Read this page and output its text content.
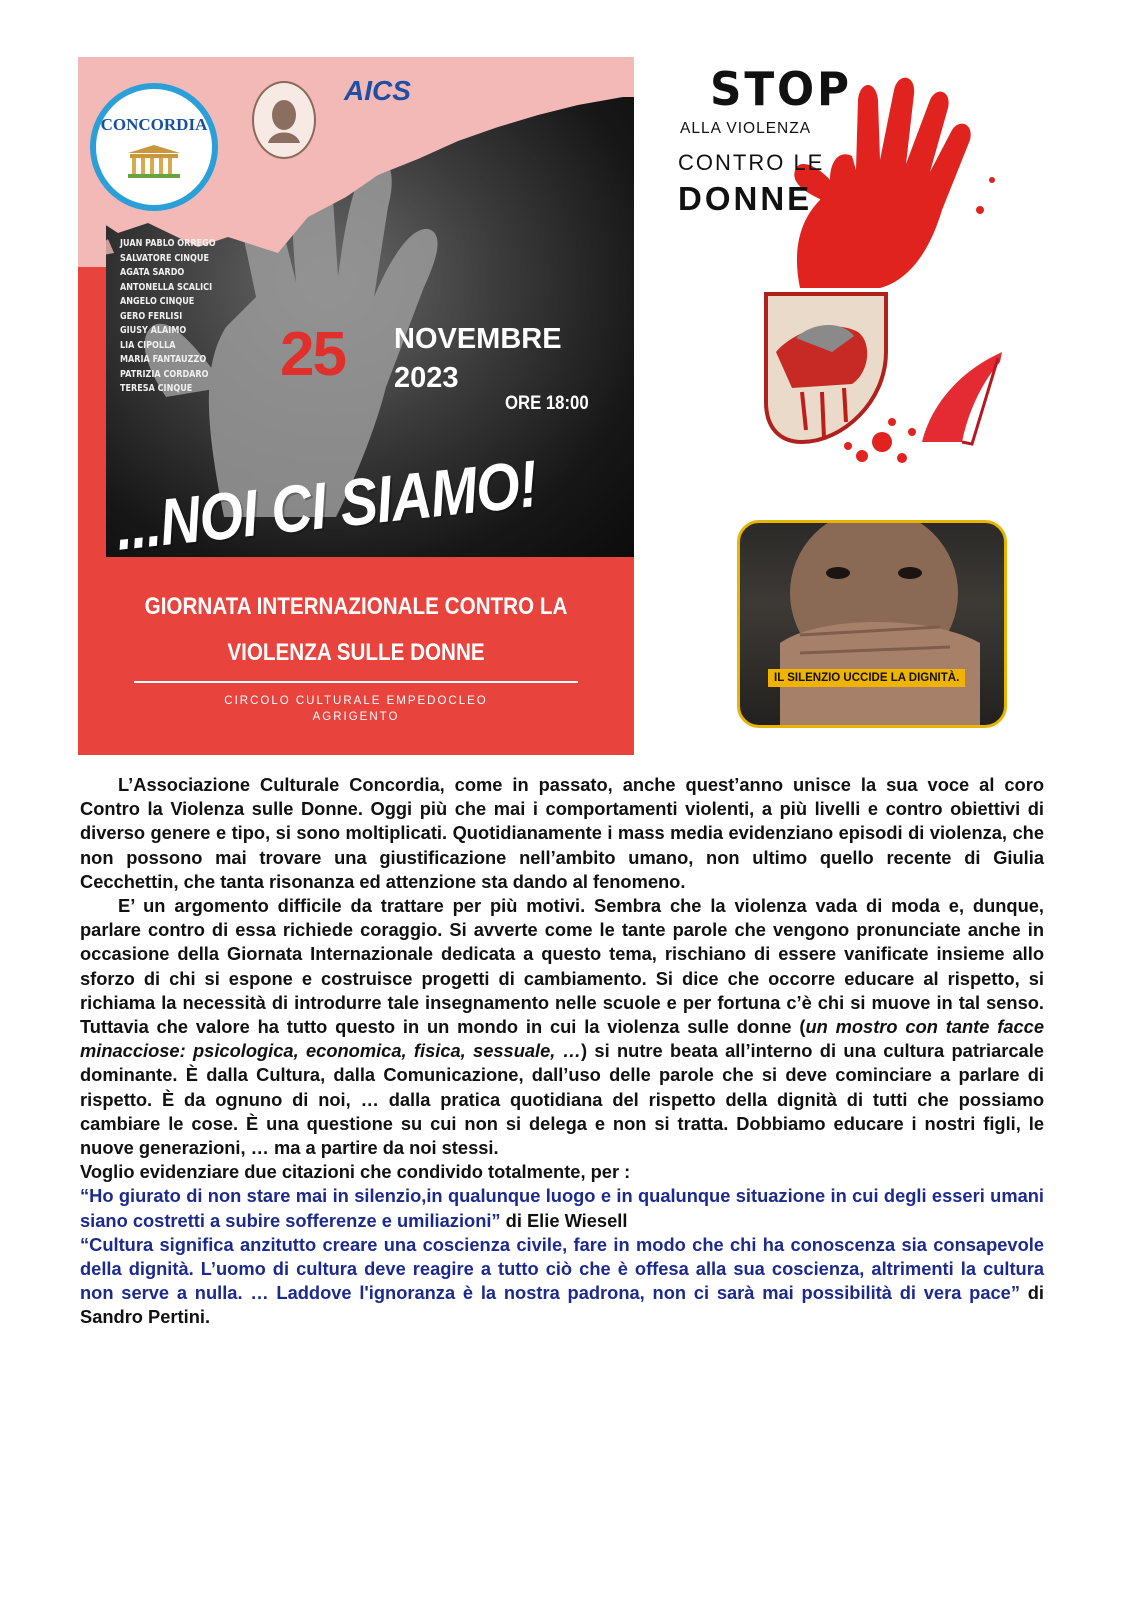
CONCORDIA
AICS
JUAN PABLO ORREGO
SALVATORE CINQUE
AGATA SARDO
ANTONELLA SCALICI
ANGELO CINQUE
GERO FERLISI
GIUSY ALAIMO
LIA CIPOLLA
MARIA FANTAUZZO
PATRIZIA CORDARO
TERESA CINQUE	25 NOVEMBRE
2023
ORE 18:00
...NOI CI SIAMO!
GIORNATA INTERNAZIONALE CONTRO LA
VIOLENZA SULLE DONNE
CIRCOLO CULTURALE EMPEDOCLEO
AGRIGENTO
STOP
ALLA VIOLENZA
CONTRO LE
DONNE
IL SILENZIO UCCIDE LA DIGNITÀ.

L’Associazione Culturale Concordia, come in passato, anche quest’anno unisce la sua voce al coro Contro la Violenza sulle Donne. Oggi più che mai i comportamenti violenti, a più livelli e contro obiettivi di diverso genere e tipo, si sono moltiplicati. Quotidianamente i mass media evidenziano episodi di violenza, che non possono mai trovare una giustificazione nell’ambito umano, non ultimo quello recente di Giulia Cecchettin, che tanta risonanza ed attenzione sta dando al fenomeno.

E’ un argomento difficile da trattare per più motivi. Sembra che la violenza vada di moda e, dunque, parlare contro di essa richiede coraggio. Si avverte come le tante parole che vengono pronunciate anche in occasione della Giornata Internazionale dedicata a questo tema, rischiano di essere vanificate insieme allo sforzo di chi si espone e costruisce progetti di cambiamento. Si dice che occorre educare al rispetto, si richiama la necessità di introdurre tale insegnamento nelle scuole e per fortuna c’è chi si muove in tal senso. Tuttavia che valore ha tutto questo in un mondo in cui la violenza sulle donne (un mostro con tante facce minacciose: psicologica, economica, fisica, sessuale, …) si nutre beata all’interno di una cultura patriarcale dominante. È dalla Cultura, dalla Comunicazione, dall’uso delle parole che si deve cominciare a parlare di rispetto. È da ognuno di noi, … dalla pratica quotidiana del rispetto della dignità di tutti che possiamo cambiare le cose. È una questione su cui non si delega e non si tratta. Dobbiamo educare i nostri figli, le nuove generazioni, … ma a partire da noi stessi.

Voglio evidenziare due citazioni che condivido totalmente, per :

“Ho giurato di non stare mai in silenzio,in qualunque luogo e in qualunque situazione in cui degli esseri umani siano costretti a subire sofferenze e umiliazioni” di Elie Wiesell

“Cultura significa anzitutto creare una coscienza civile, fare in modo che chi ha conoscenza sia consapevole della dignità. L’uomo di cultura deve reagire a tutto ciò che è offesa alla sua coscienza, altrimenti la cultura non serve a nulla. … Laddove l'ignoranza è la nostra padrona, non ci sarà mai possibilità di vera pace” di Sandro Pertini.
